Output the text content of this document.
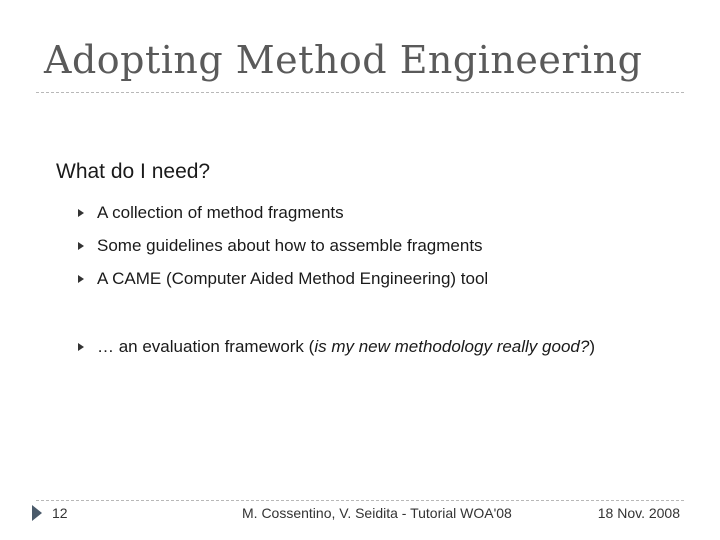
Adopting Method Engineering
What do I need?
A collection of method fragments
Some guidelines about how to assemble fragments
A CAME (Computer Aided Method Engineering) tool
… an evaluation framework (is my new methodology really good?)
12	M. Cossentino, V. Seidita - Tutorial WOA'08	18 Nov. 2008
